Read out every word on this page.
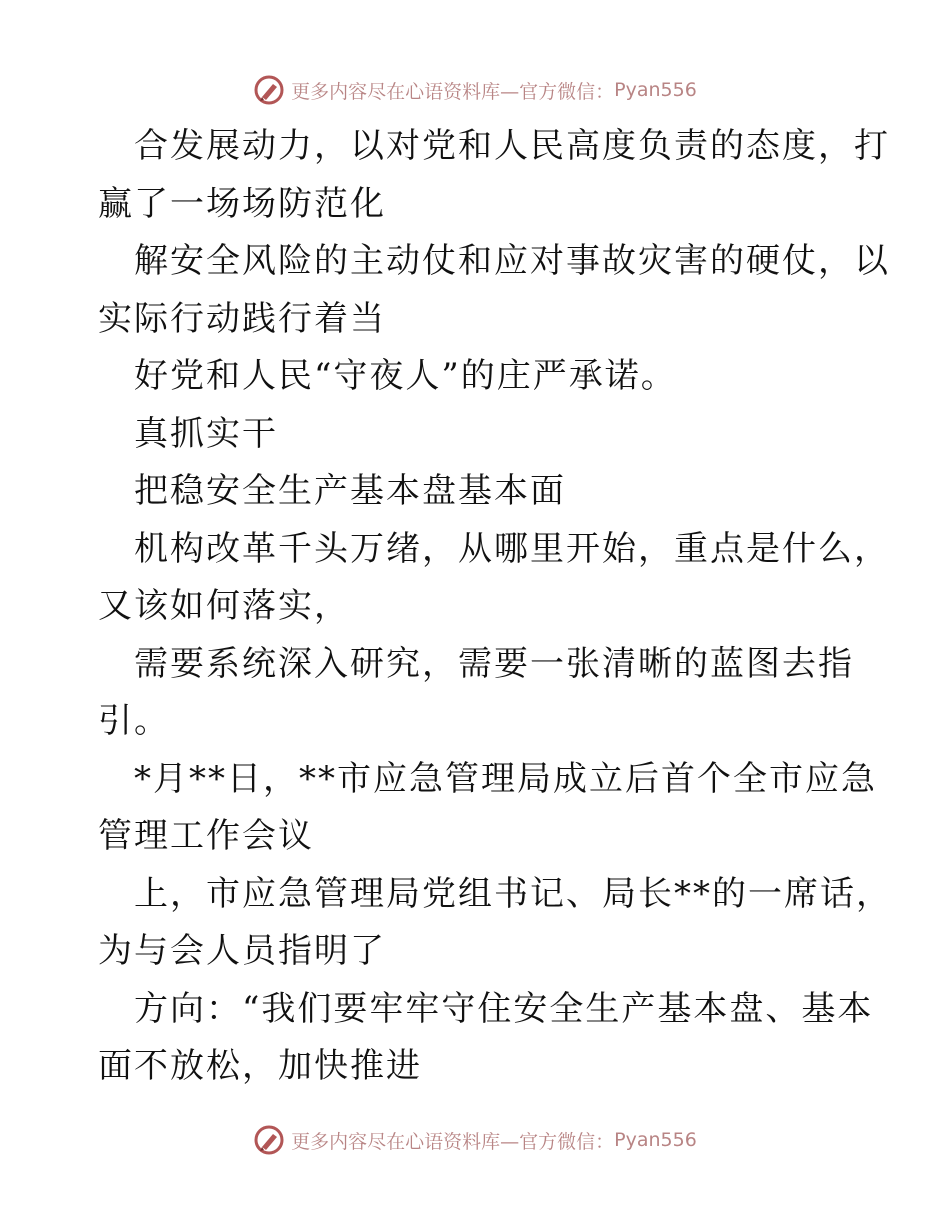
更多内容尽在心语资料库—官方微信： Pyan556

合发展动力，以对党和人民高度负责的态度，打

赢了一场场防范化

解安全风险的主动仗和应对事故灾害的硬仗，以

实际行动践行着当

好党和人民“守夜人”的庄严承诺。

真抓实干

把稳安全生产基本盘基本面

机构改革千头万绪，从哪里开始，重点是什么，

又该如何落实，

需要系统深入研究，需要一张清晰的蓝图去指

引。

*月**日，**市应急管理局成立后首个全市应急

管理工作会议

上，市应急管理局党组书记、局长**的一席话，

为与会人员指明了

方向：“我们要牢牢守住安全生产基本盘、基本

面不放松，加快推进

更多内容尽在心语资料库—官方微信： Pyan556
